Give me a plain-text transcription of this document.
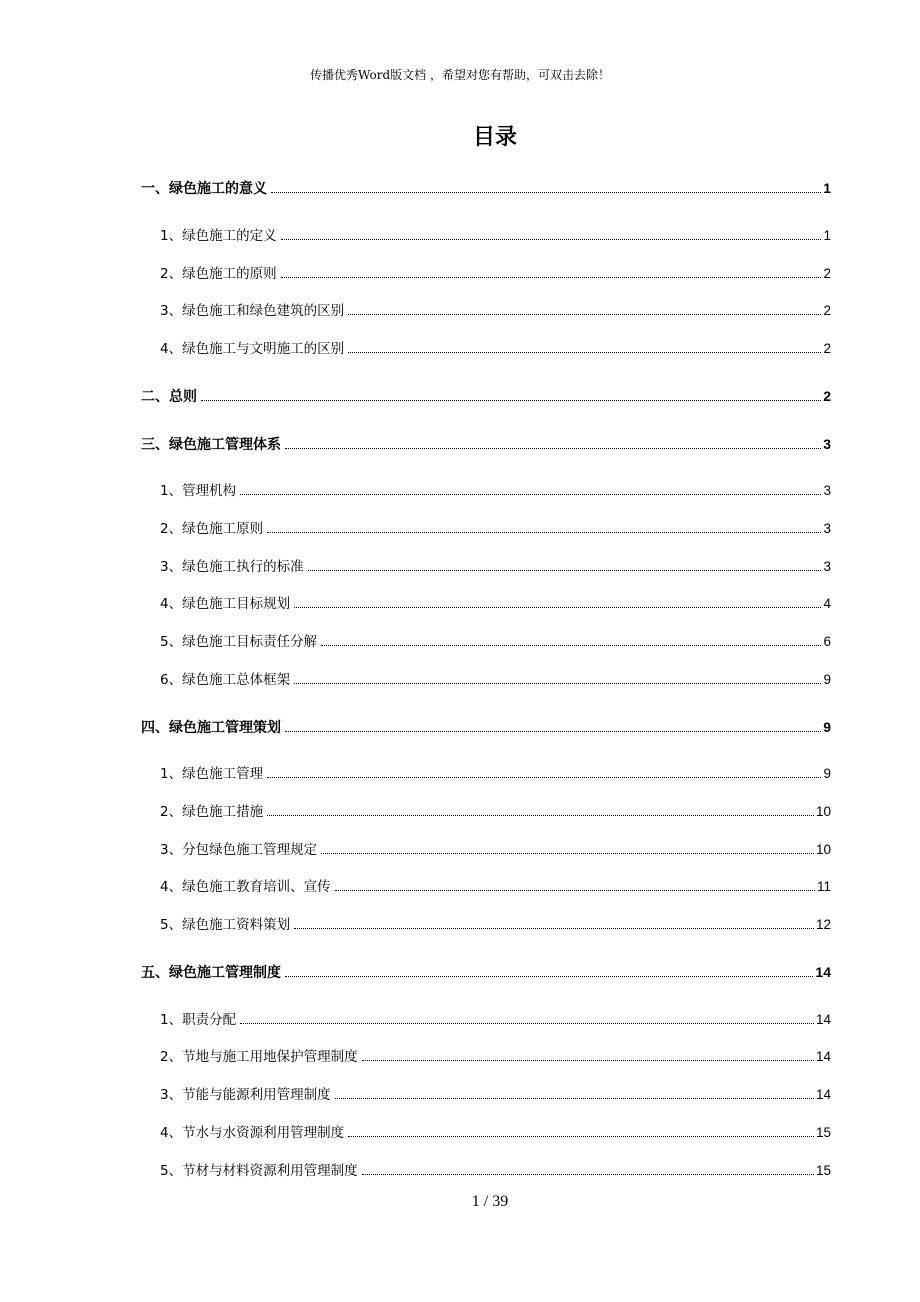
传播优秀Word版文档 ，希望对您有帮助，可双击去除！
目录
一、绿色施工的意义	1
1、绿色施工的定义	1
2、绿色施工的原则	2
3、绿色施工和绿色建筑的区别	2
4、绿色施工与文明施工的区别	2
二、总则	2
三、绿色施工管理体系	3
1、管理机构	3
2、绿色施工原则	3
3、绿色施工执行的标准	3
4、绿色施工目标规划	4
5、绿色施工目标责任分解	6
6、绿色施工总体框架	9
四、绿色施工管理策划	9
1、绿色施工管理	9
2、绿色施工措施	10
3、分包绿色施工管理规定	10
4、绿色施工教育培训、宣传	11
5、绿色施工资料策划	12
五、绿色施工管理制度	14
1、职责分配	14
2、节地与施工用地保护管理制度	14
3、节能与能源利用管理制度	14
4、节水与水资源利用管理制度	15
5、节材与材料资源利用管理制度	15
1 / 39
